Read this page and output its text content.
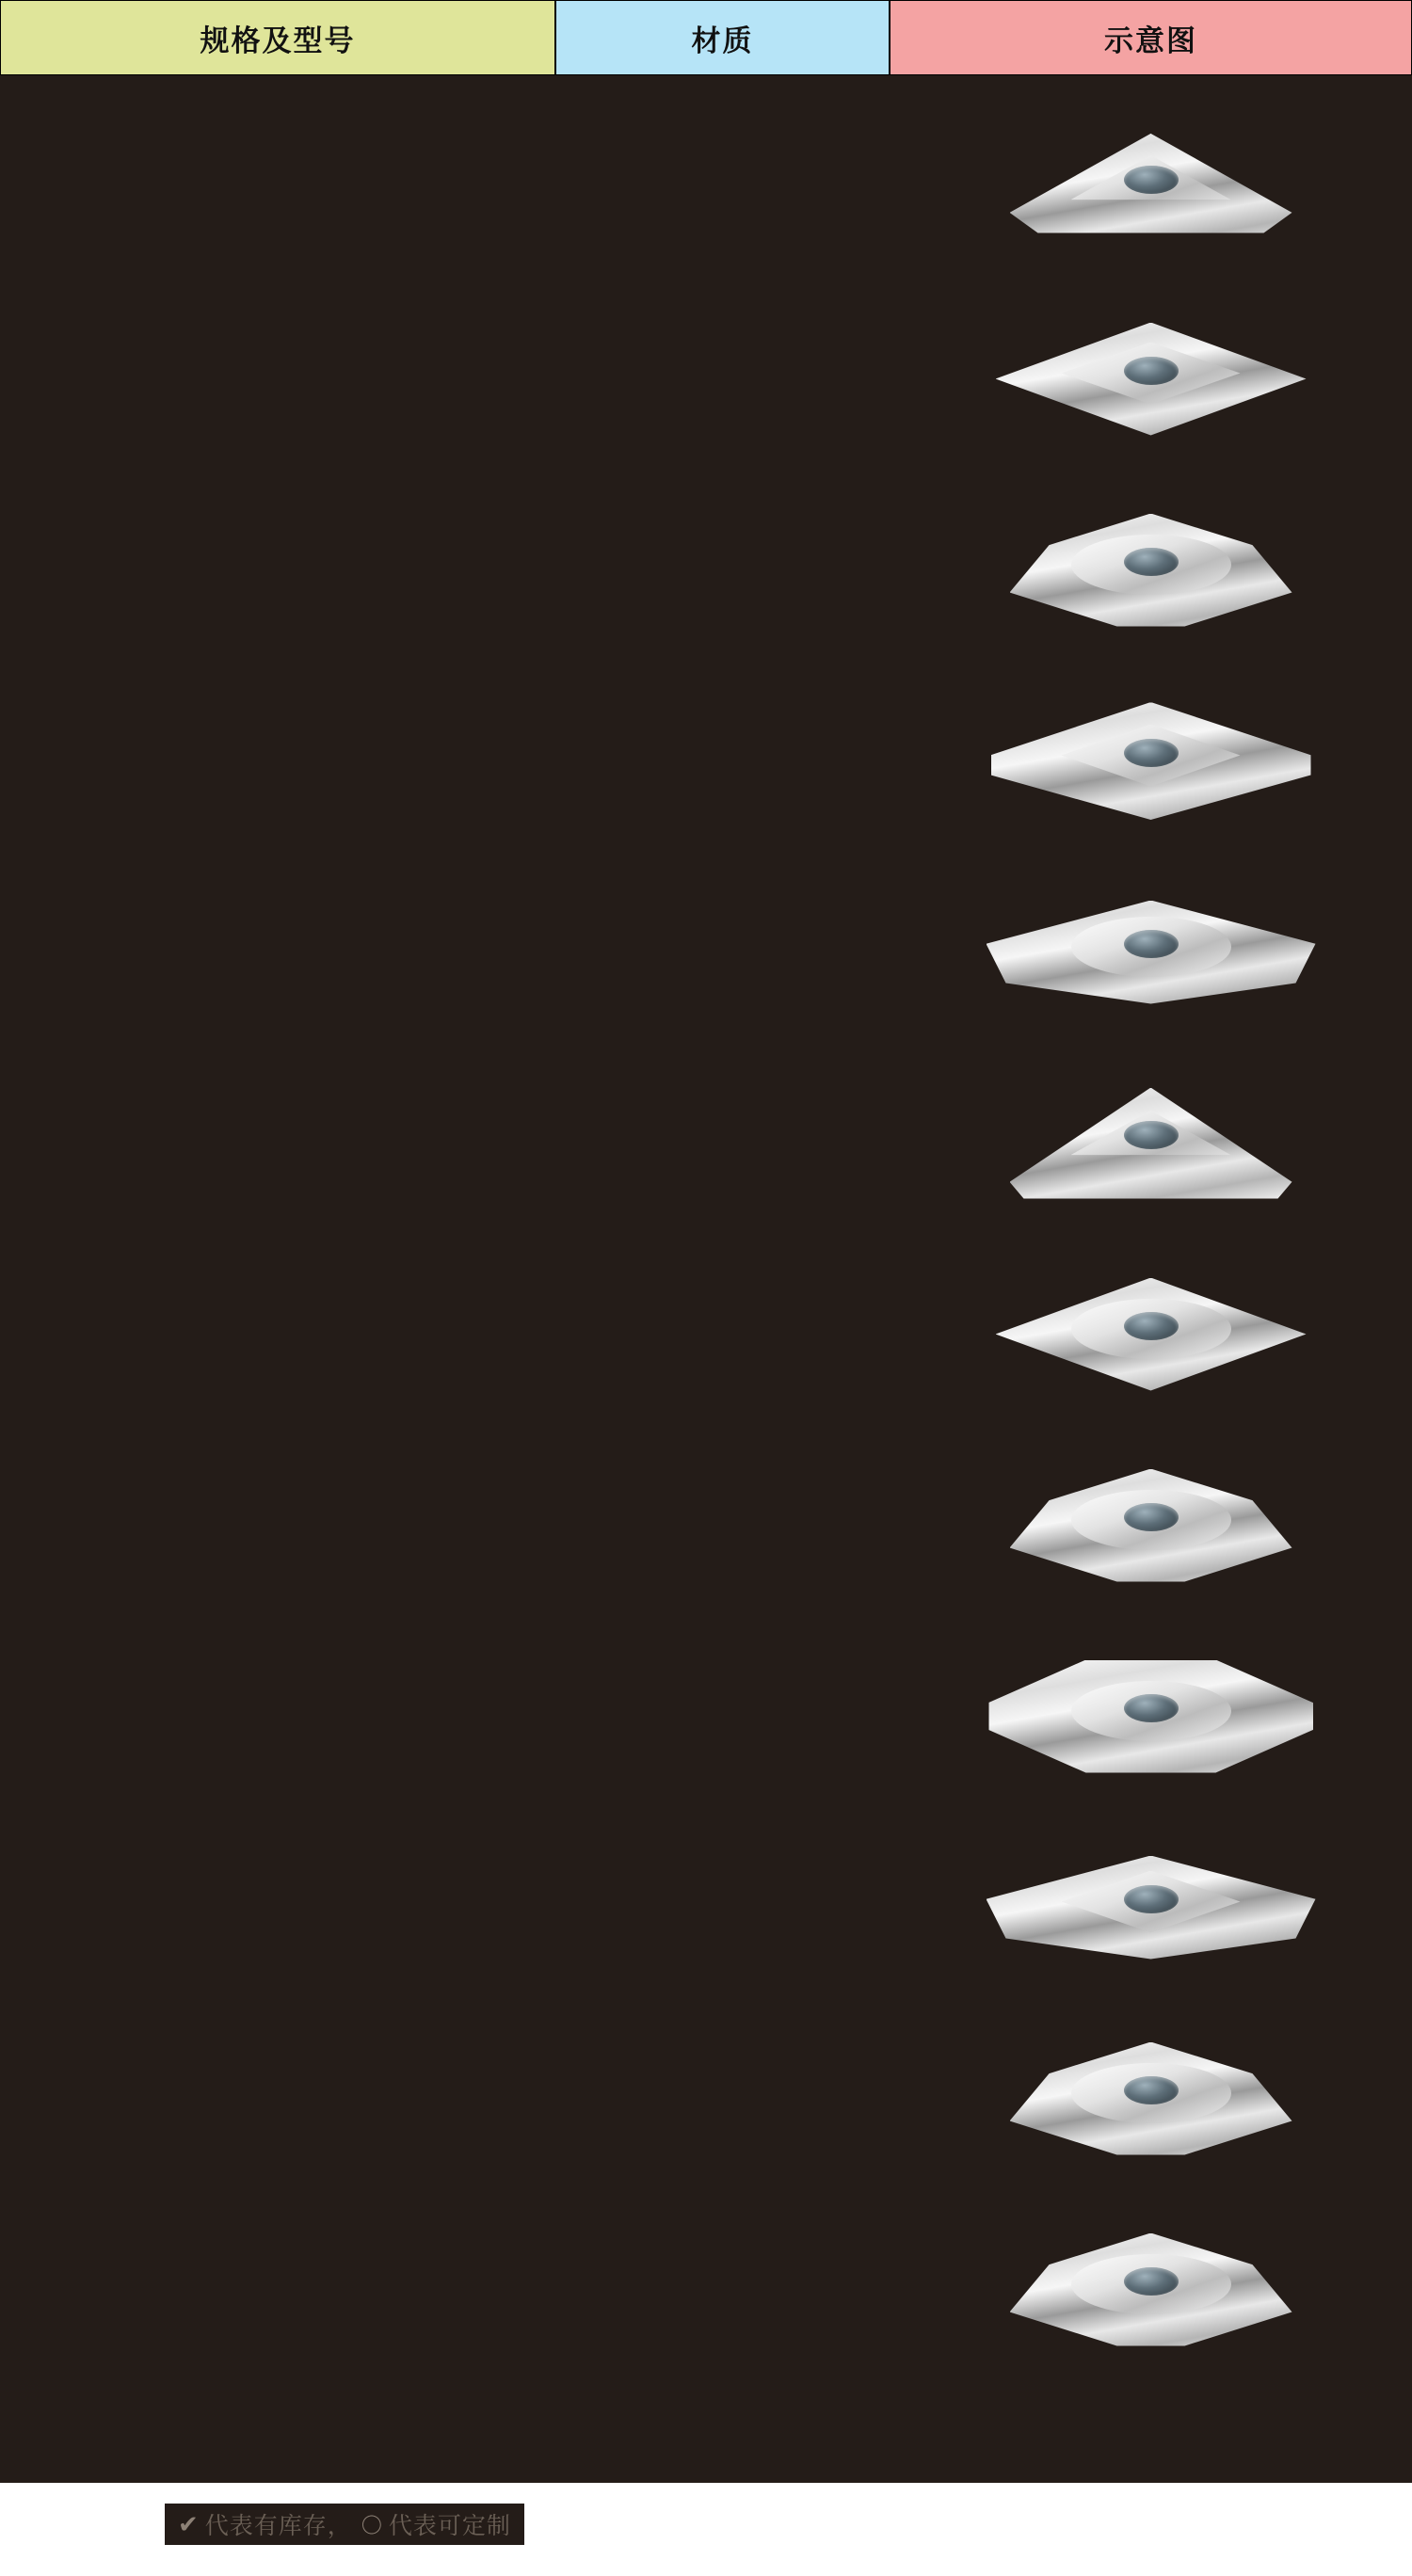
规格及型号	材质	示意图
✔ 代表有库存， 〇 代表可定制
